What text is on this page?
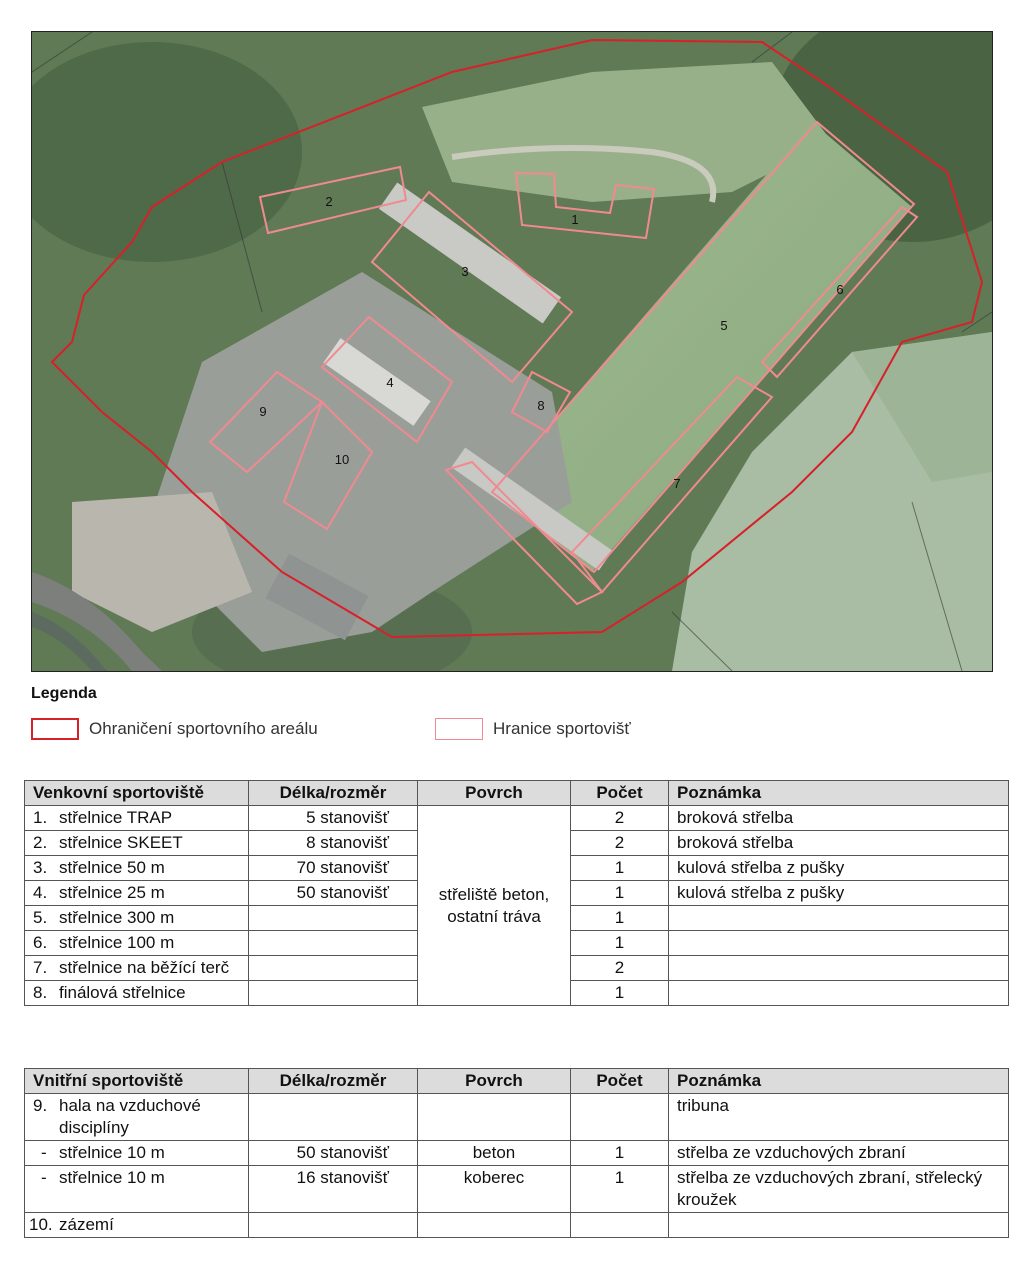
1
2
3
4
5
6
7
8
9
10
Legenda
Ohraničení sportovního areálu	Hranice sportovišť
Venkovní sportoviště	Délka/rozměr	Povrch	Počet	Poznámka
1. střelnice TRAP	5 stanovišť	střeliště beton, ostatní tráva	2	broková střelba
2. střelnice SKEET	8 stanovišť		2	broková střelba
3. střelnice 50 m	70 stanovišť		1	kulová střelba z pušky
4. střelnice 25 m	50 stanovišť		1	kulová střelba z pušky
5. střelnice 300 m			1	
6. střelnice 100 m			1	

7. střelnice na běžící terč			2	
8. finálová střelnice			1	
Vnitřní sportoviště	Délka/rozměr	Povrch	Počet	Poznámka

9. hala na vzduchové disciplíny				tribuna
- střelnice 10 m	50 stanovišť	beton	1	střelba ze vzduchových zbraní
- střelnice 10 m	16 stanovišť	koberec	1	střelba ze vzduchových zbraní, střelecký kroužek
10. zázemí				
